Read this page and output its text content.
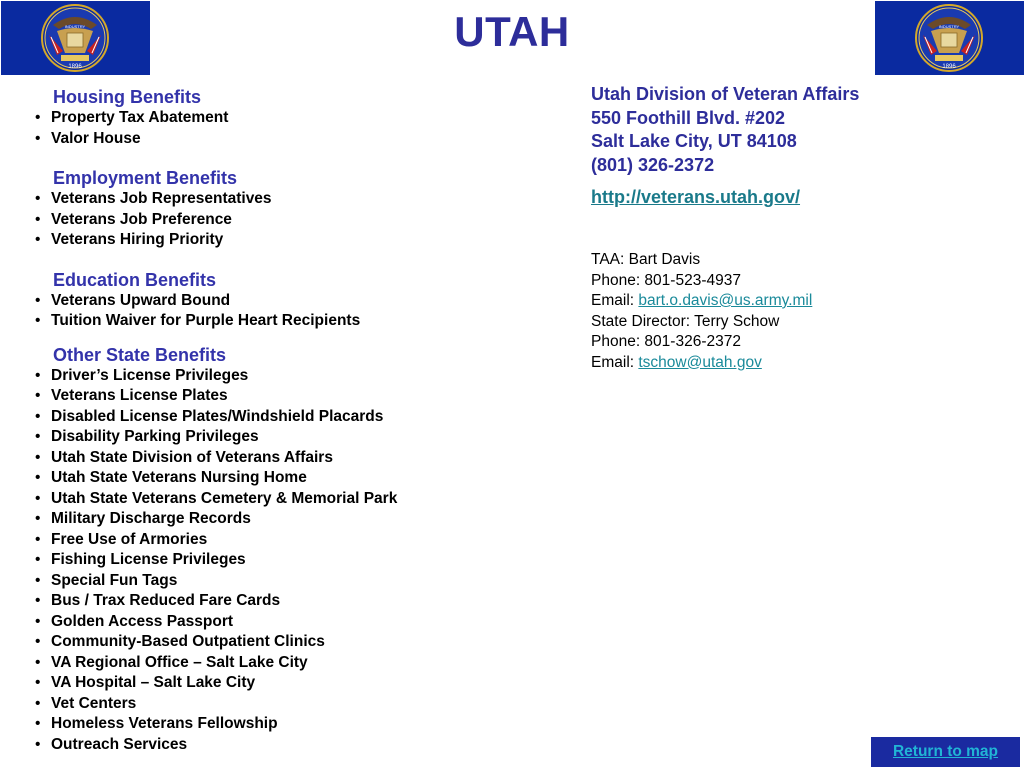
1896
INDUSTRY
1896
INDUSTRY
UTAH
Housing Benefits
• Property Tax Abatement
• Valor House
Employment Benefits
• Veterans Job Representatives
• Veterans Job Preference
• Veterans Hiring Priority
Education Benefits
• Veterans Upward Bound
• Tuition Waiver for Purple Heart Recipients
Other State Benefits
• Driver’s License Privileges
• Veterans License Plates
• Disabled License Plates/Windshield Placards
• Disability Parking Privileges
• Utah State Division of Veterans Affairs
• Utah State Veterans Nursing Home
• Utah State Veterans Cemetery & Memorial Park
• Military Discharge Records
• Free Use of Armories
• Fishing License Privileges
• Special Fun Tags
• Bus / Trax Reduced Fare Cards
• Golden Access Passport
• Community-Based Outpatient Clinics
• VA Regional Office – Salt Lake City
• VA Hospital – Salt Lake City
• Vet Centers
• Homeless Veterans Fellowship
• Outreach Services
Utah Division of Veteran Affairs
550 Foothill Blvd. #202
Salt Lake City, UT 84108
(801) 326-2372
http://veterans.utah.gov/
TAA: Bart Davis
Phone: 801-523-4937
Email: bart.o.davis@us.army.mil
State Director: Terry Schow
Phone: 801-326-2372
Email: tschow@utah.gov
Return to map
